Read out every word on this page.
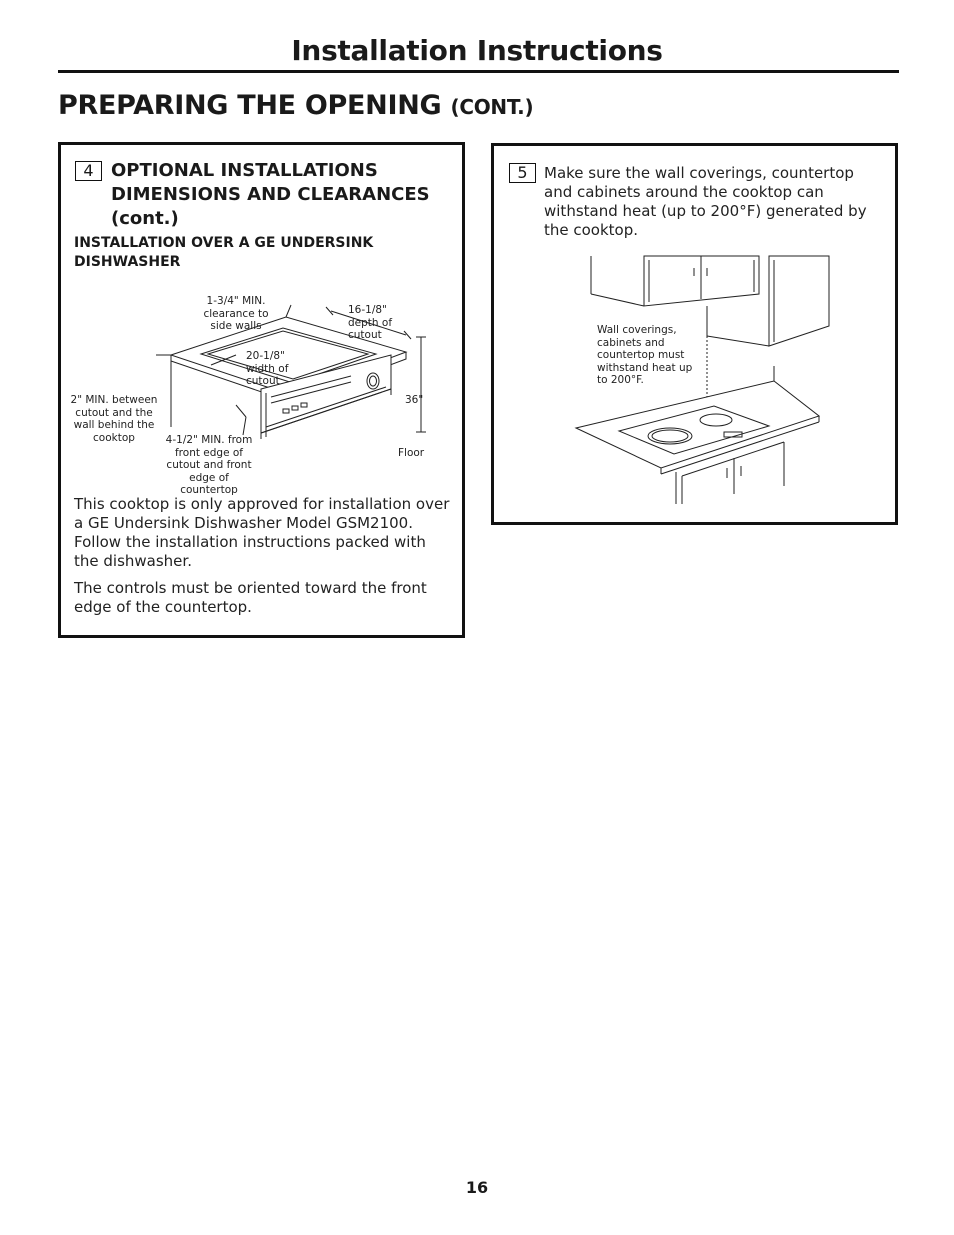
Installation Instructions
PREPARING THE OPENING (CONT.)
4 OPTIONAL INSTALLATIONS DIMENSIONS AND CLEARANCES (cont.)
INSTALLATION OVER A GE UNDERSINK DISHWASHER
1-3/4" MIN. clearance to side walls
16-1/8" depth of cutout
20-1/8" width of cutout
2" MIN. between cutout and the wall behind the cooktop	4-1/2" MIN. from front edge of cutout and front edge of countertop
36"
Floor
This cooktop is only approved for installation over a GE Undersink Dishwasher Model GSM2100. Follow the installation instructions packed with the dishwasher.
The controls must be oriented toward the front edge of the countertop.
5	Make sure the wall coverings, countertop and cabinets around the cooktop can withstand heat (up to 200°F) generated by the cooktop.
Wall coverings, cabinets and countertop must withstand heat up to 200°F.
16
